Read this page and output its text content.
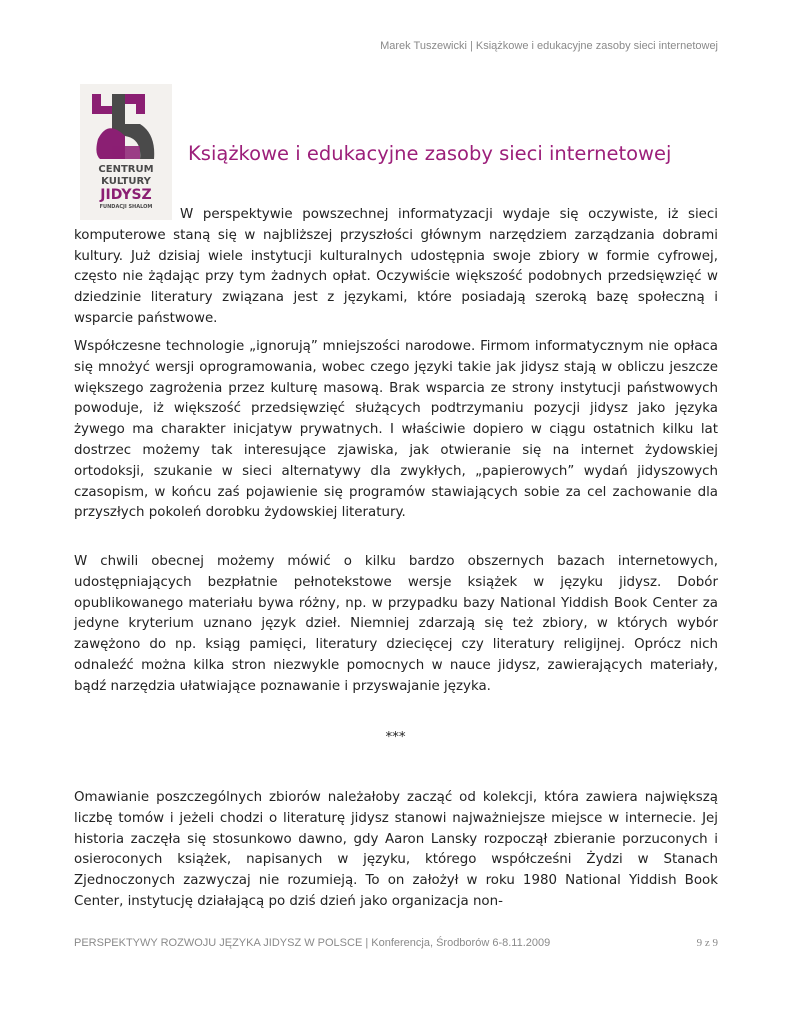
Marek Tuszewicki | Książkowe i edukacyjne zasoby sieci internetowej
CENTRUM
KULTURY
JIDYSZ
FUNDACJI SHALOM
Książkowe i edukacyjne zasoby sieci internetowej

W perspektywie powszechnej informatyzacji wydaje się oczywiste, iż sieci komputerowe staną się w najbliższej przyszłości głównym narzędziem zarządzania dobrami kultury. Już dzisiaj wiele instytucji kulturalnych udostępnia swoje zbiory w formie cyfrowej, często nie żądając przy tym żadnych opłat. Oczywiście większość podobnych przedsięwzięć w dziedzinie literatury związana jest z językami, które posiadają szeroką bazę społeczną i wsparcie państwowe.

Współczesne technologie „ignorują” mniejszości narodowe. Firmom informatycznym nie opłaca się mnożyć wersji oprogramowania, wobec czego języki takie jak jidysz stają w obliczu jeszcze większego zagrożenia przez kulturę masową. Brak wsparcia ze strony instytucji państwowych powoduje, iż większość przedsięwzięć służących podtrzymaniu pozycji jidysz jako języka żywego ma charakter inicjatyw prywatnych. I właściwie dopiero w ciągu ostatnich kilku lat dostrzec możemy tak interesujące zjawiska, jak otwieranie się na internet żydowskiej ortodoksji, szukanie w sieci alternatywy dla zwykłych, „papierowych” wydań jidyszowych czasopism, w końcu zaś pojawienie się programów stawiających sobie za cel zachowanie dla przyszłych pokoleń dorobku żydowskiej literatury.

W chwili obecnej możemy mówić o kilku bardzo obszernych bazach internetowych, udostępniających bezpłatnie pełnotekstowe wersje książek w języku jidysz. Dobór opublikowanego materiału bywa różny, np. w przypadku bazy National Yiddish Book Center za jedyne kryterium uznano język dzieł. Niemniej zdarzają się też zbiory, w których wybór zawężono do np. ksiąg pamięci, literatury dziecięcej czy literatury religijnej. Oprócz nich odnaleźć można kilka stron niezwykle pomocnych w nauce jidysz, zawierających materiały, bądź narzędzia ułatwiające poznawanie i przyswajanie języka.

***

Omawianie poszczególnych zbiorów należałoby zacząć od kolekcji, która zawiera największą liczbę tomów i jeżeli chodzi o literaturę jidysz stanowi najważniejsze miejsce w internecie. Jej historia zaczęła się stosunkowo dawno, gdy Aaron Lansky rozpoczął zbieranie porzuconych i osieroconych książek, napisanych w języku, którego współcześni Żydzi w Stanach Zjednoczonych zazwyczaj nie rozumieją. To on założył w roku 1980 National Yiddish Book Center, instytucję działającą po dziś dzień jako organizacja non-

PERSPEKTYWY ROZWOJU JĘZYKA JIDYSZ W POLSCE | Konferencja, Środborów 6-8.11.2009	9 z 9
